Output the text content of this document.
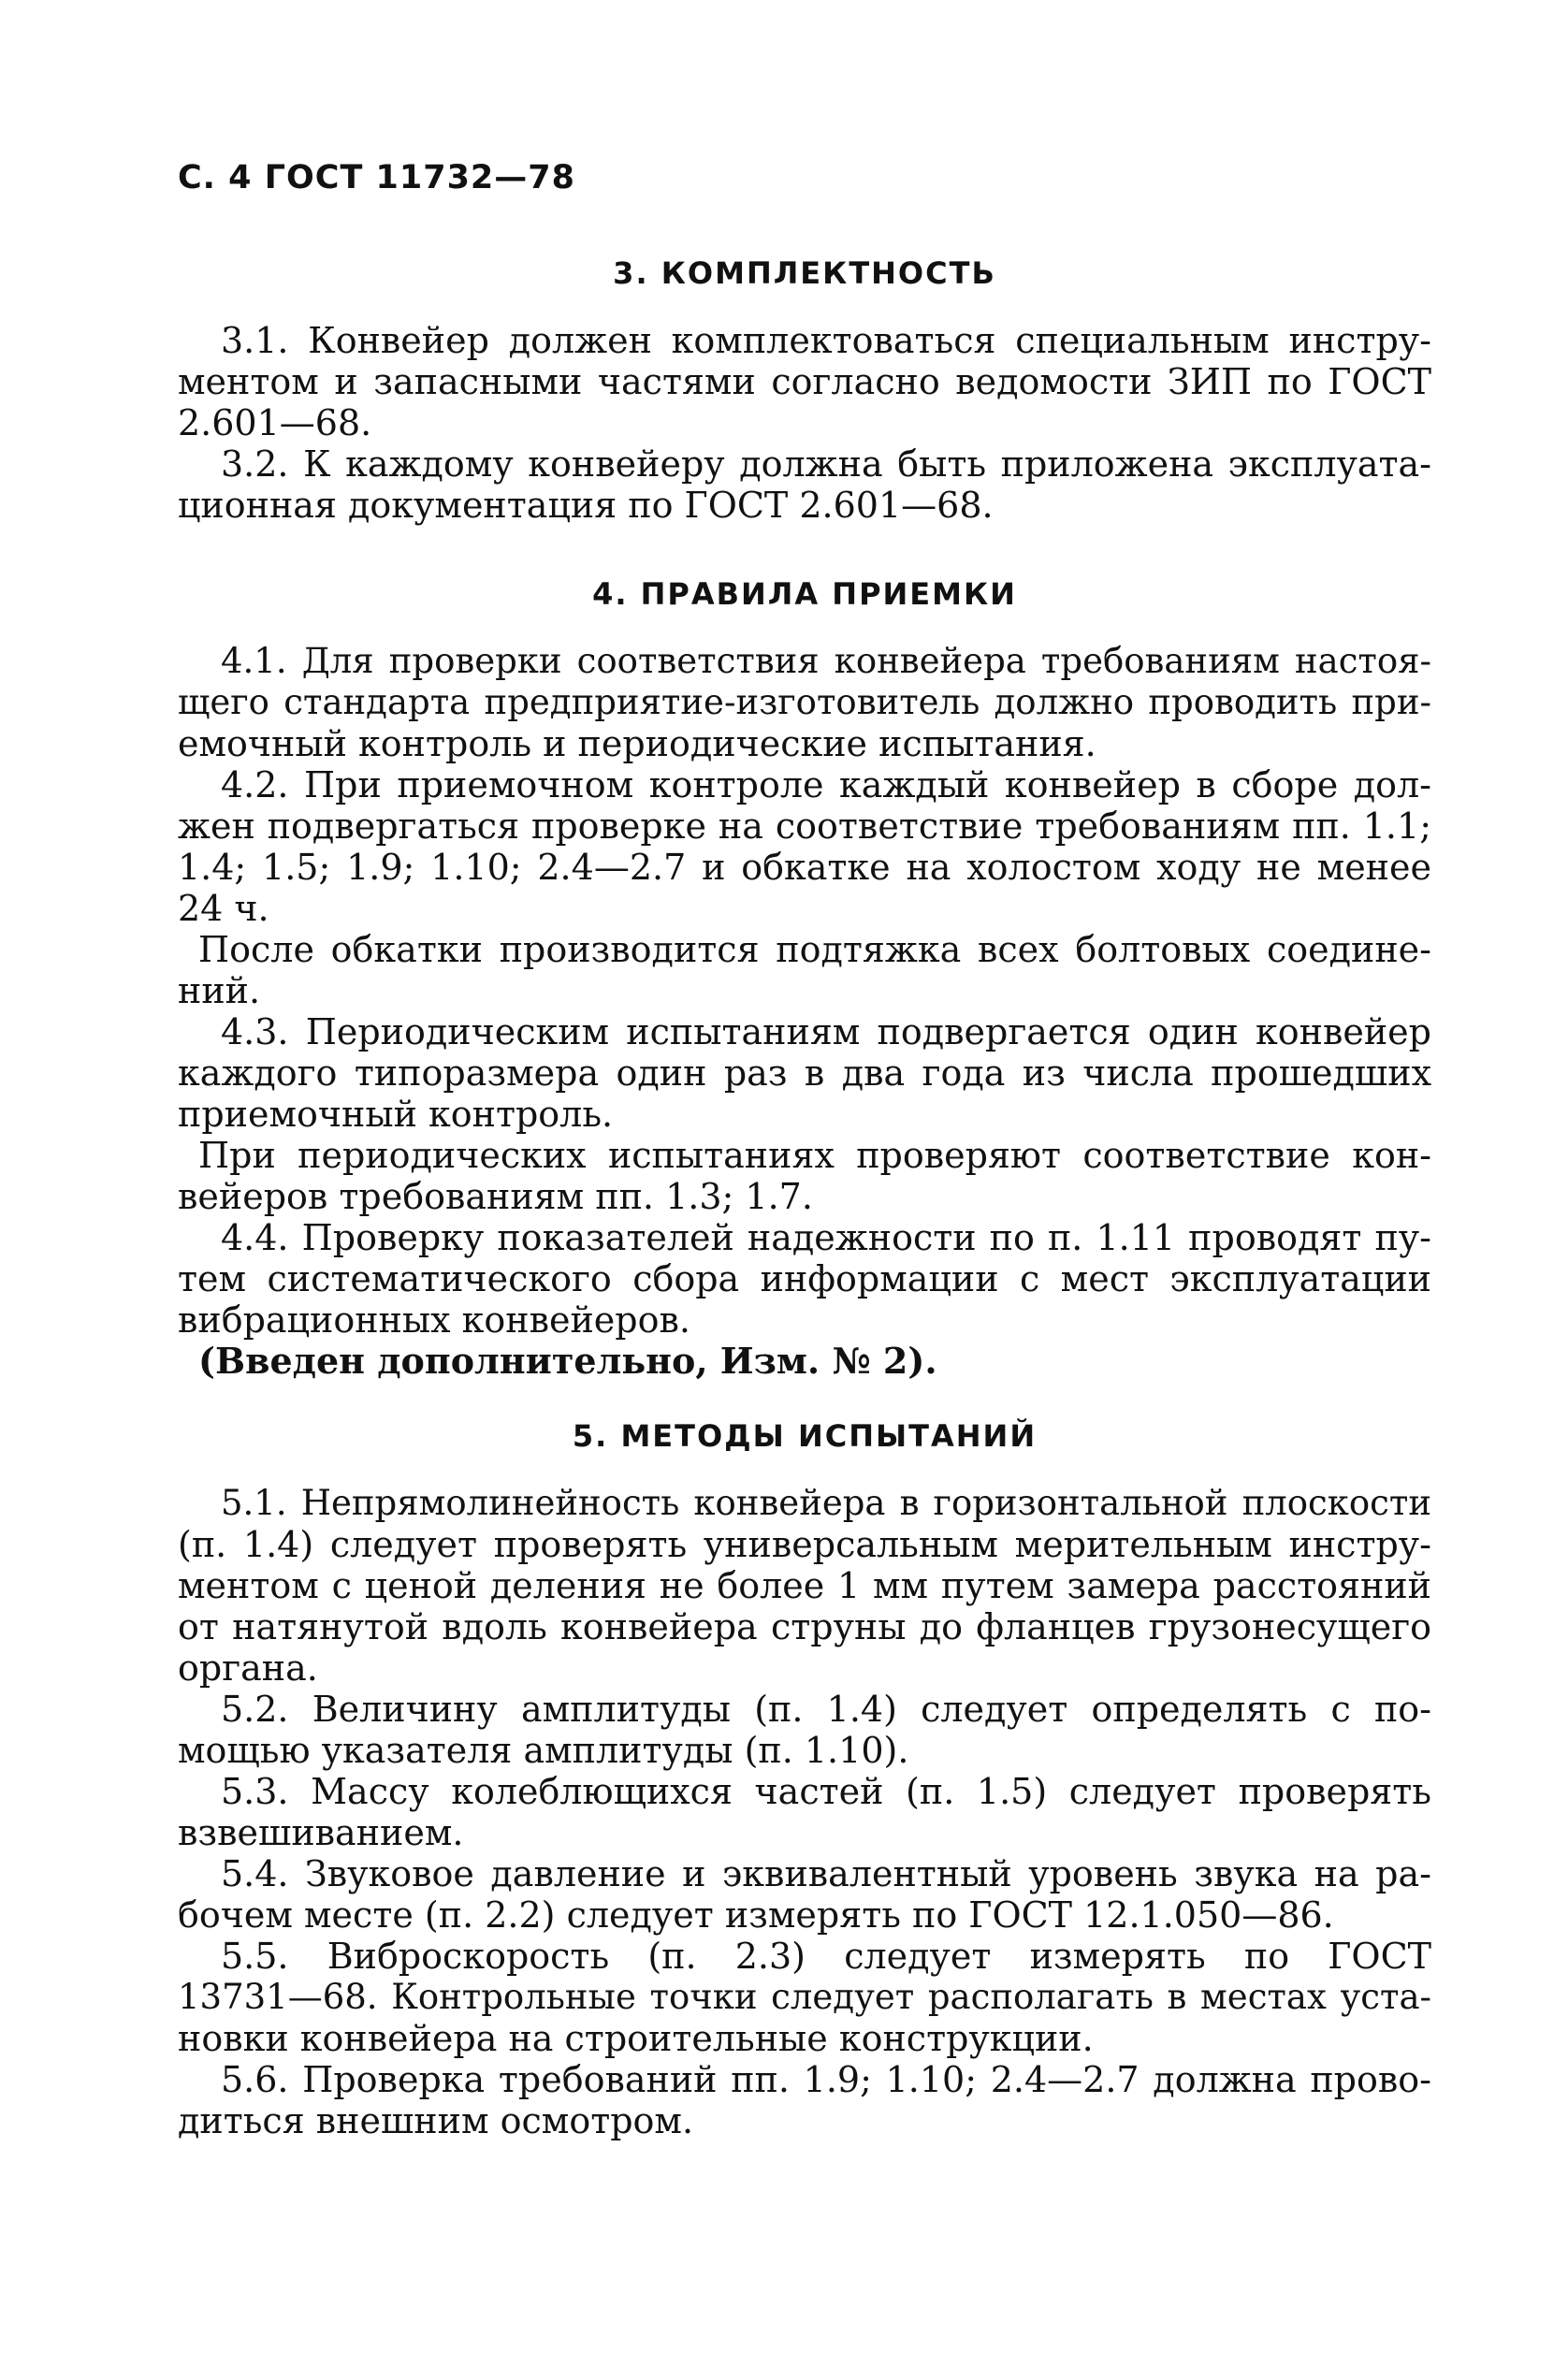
С. 4 ГОСТ 11732—78
3. КОМПЛЕКТНОСТЬ
3.1. Конвейер должен комплектоваться специальным инстру-
ментом и запасными частями согласно ведомости ЗИП по ГОСТ
2.601—68.
3.2. К каждому конвейеру должна быть приложена эксплуата-
ционная документация по ГОСТ 2.601—68.
4. ПРАВИЛА ПРИЕМКИ
4.1. Для проверки соответствия конвейера требованиям настоя-
щего стандарта предприятие-изготовитель должно проводить при-
емочный контроль и периодические испытания.
4.2. При приемочном контроле каждый конвейер в сборе дол-
жен подвергаться проверке на соответствие требованиям пп. 1.1;
1.4; 1.5; 1.9; 1.10; 2.4—2.7 и обкатке на холостом ходу не менее
24 ч.
После обкатки производится подтяжка всех болтовых соедине-
ний.
4.3. Периодическим испытаниям подвергается один конвейер
каждого типоразмера один раз в два года из числа прошедших
приемочный контроль.
При периодических испытаниях проверяют соответствие кон-
вейеров требованиям пп. 1.3; 1.7.
4.4. Проверку показателей надежности по п. 1.11 проводят пу-
тем систематического сбора информации с мест эксплуатации
вибрационных конвейеров.
(Введен дополнительно, Изм. № 2).
5. МЕТОДЫ ИСПЫТАНИЙ
5.1. Непрямолинейность конвейера в горизонтальной плоскости
(п. 1.4) следует проверять универсальным мерительным инстру-
ментом с ценой деления не более 1 мм путем замера расстояний
от натянутой вдоль конвейера струны до фланцев грузонесущего
органа.
5.2. Величину амплитуды (п. 1.4) следует определять с по-
мощью указателя амплитуды (п. 1.10).
5.3. Массу колеблющихся частей (п. 1.5) следует проверять
взвешиванием.
5.4. Звуковое давление и эквивалентный уровень звука на ра-
бочем месте (п. 2.2) следует измерять по ГОСТ 12.1.050—86.
5.5. Виброскорость (п. 2.3) следует измерять по ГОСТ
13731—68. Контрольные точки следует располагать в местах уста-
новки конвейера на строительные конструкции.
5.6. Проверка требований пп. 1.9; 1.10; 2.4—2.7 должна прово-
диться внешним осмотром.
